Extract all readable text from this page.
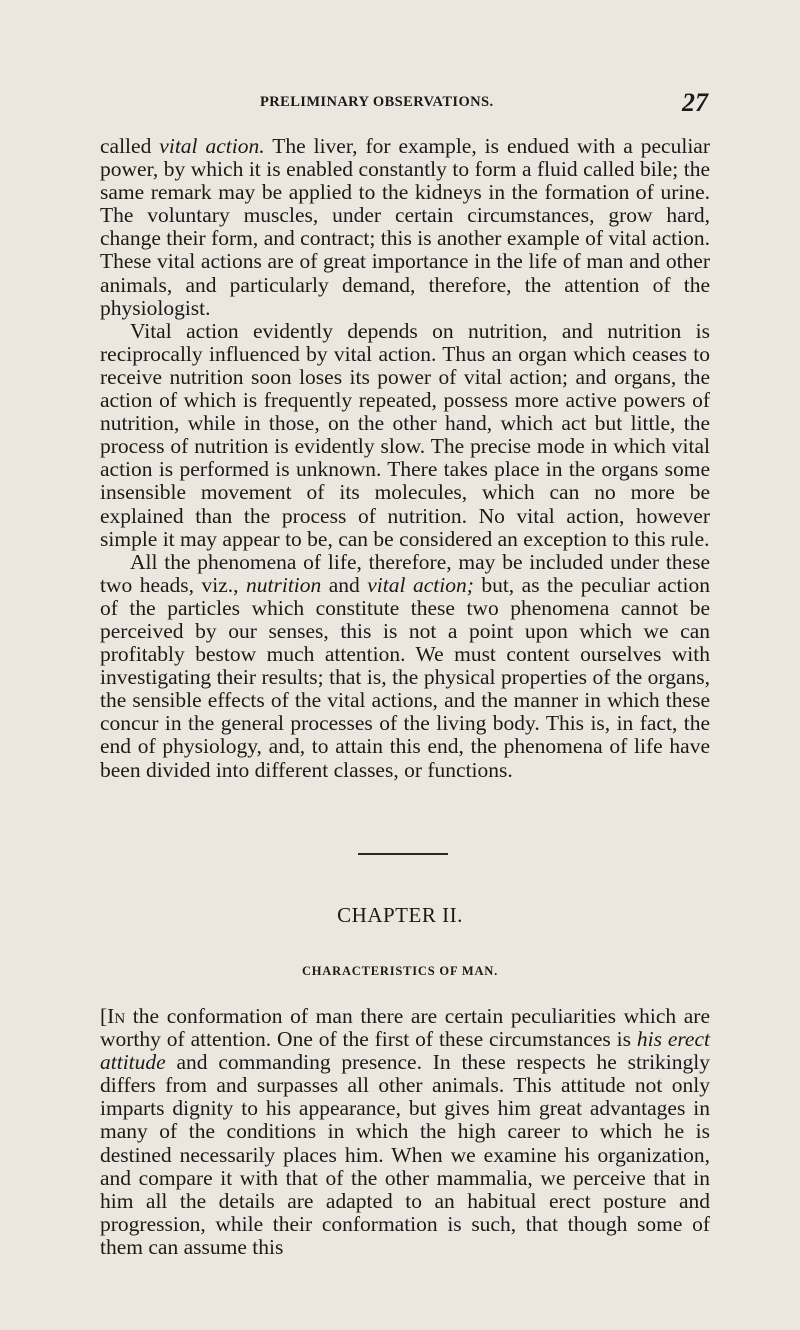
PRELIMINARY OBSERVATIONS.	27

called vital action. The liver, for example, is endued with a peculiar power, by which it is enabled constantly to form a fluid called bile; the same remark may be applied to the kidneys in the formation of urine. The voluntary muscles, under certain circumstances, grow hard, change their form, and contract; this is another example of vital action. These vital actions are of great importance in the life of man and other animals, and particularly demand, therefore, the attention of the physiologist.

Vital action evidently depends on nutrition, and nutrition is reciprocally influenced by vital action. Thus an organ which ceases to receive nutrition soon loses its power of vital action; and organs, the action of which is frequently repeated, possess more active powers of nutrition, while in those, on the other hand, which act but little, the process of nutrition is evidently slow. The precise mode in which vital action is performed is unknown. There takes place in the organs some insensible movement of its molecules, which can no more be explained than the process of nutrition. No vital action, however simple it may appear to be, can be considered an exception to this rule.

All the phenomena of life, therefore, may be included under these two heads, viz., nutrition and vital action; but, as the peculiar action of the particles which constitute these two phenomena cannot be perceived by our senses, this is not a point upon which we can profitably bestow much attention. We must content ourselves with investigating their results; that is, the physical properties of the organs, the sensible effects of the vital actions, and the manner in which these concur in the general processes of the living body. This is, in fact, the end of physiology, and, to attain this end, the phenomena of life have been divided into different classes, or functions.

CHAPTER II.
CHARACTERISTICS OF MAN.

[In the conformation of man there are certain peculiarities which are worthy of attention. One of the first of these circumstances is his erect attitude and commanding presence. In these respects he strikingly differs from and surpasses all other animals. This attitude not only imparts dignity to his appearance, but gives him great advantages in many of the conditions in which the high career to which he is destined necessarily places him. When we examine his organization, and compare it with that of the other mammalia, we perceive that in him all the details are adapted to an habitual erect posture and progression, while their conformation is such, that though some of them can assume this
